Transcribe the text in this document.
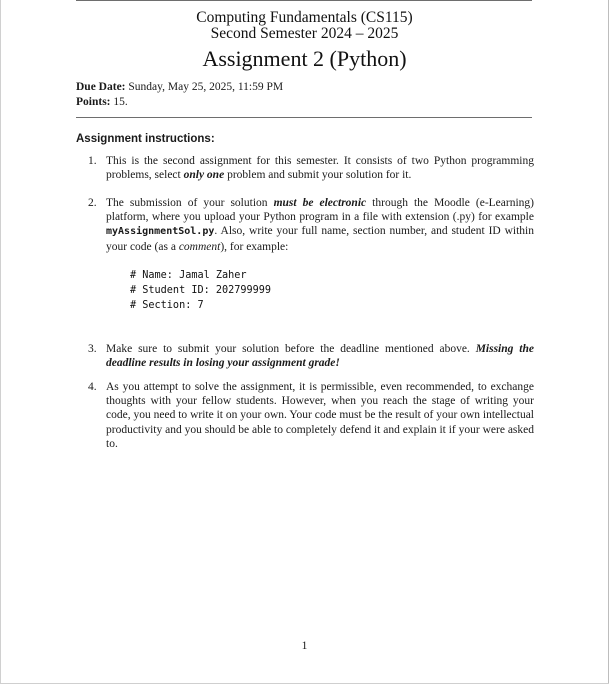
Computing Fundamentals (CS115)
Second Semester 2024 – 2025
Assignment 2 (Python)
Due Date: Sunday, May 25, 2025, 11:59 PM
Points: 15.
Assignment instructions:
1. This is the second assignment for this semester. It consists of two Python programming problems, select only one problem and submit your solution for it.
2. The submission of your solution must be electronic through the Moodle (e-Learning) platform, where you upload your Python program in a file with extension (.py) for example myAssignmentSol.py. Also, write your full name, section number, and student ID within your code (as a comment), for example:
# Name: Jamal Zaher
# Student ID: 202799999
# Section: 7
3. Make sure to submit your solution before the deadline mentioned above. Missing the deadline results in losing your assignment grade!
4. As you attempt to solve the assignment, it is permissible, even recommended, to exchange thoughts with your fellow students. However, when you reach the stage of writing your code, you need to write it on your own. Your code must be the result of your own intellectual productivity and you should be able to completely defend it and explain it if your were asked to.
1
